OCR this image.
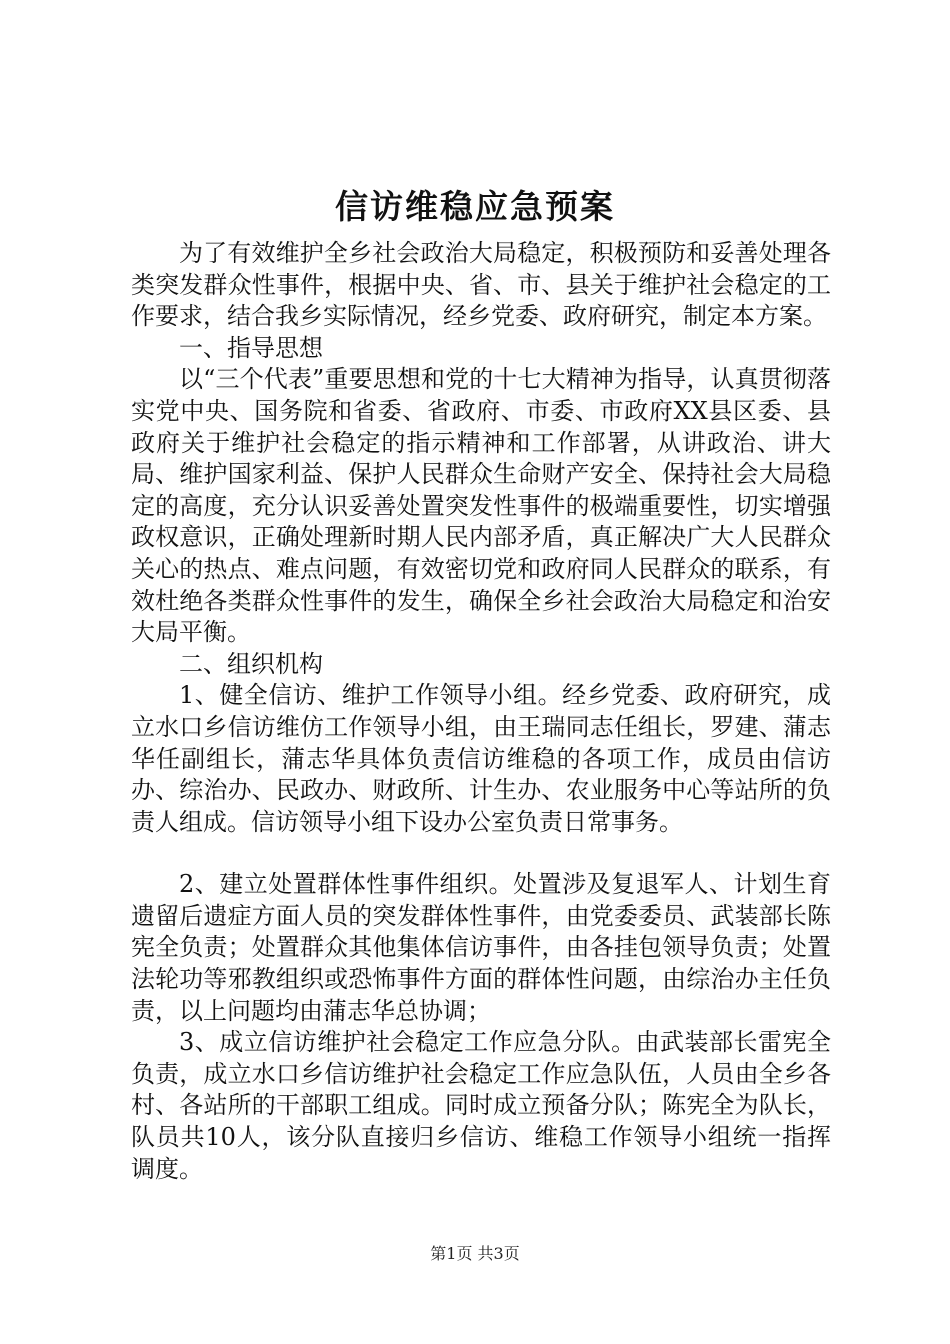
信访维稳应急预案

为了有效维护全乡社会政治大局稳定，积极预防和妥善处理各类突发群众性事件，根据中央、省、市、县关于维护社会稳定的工作要求，结合我乡实际情况，经乡党委、政府研究，制定本方案。

一、指导思想

以“三个代表”重要思想和党的十七大精神为指导，认真贯彻落实党中央、国务院和省委、省政府、市委、市政府XX县区委、县政府关于维护社会稳定的指示精神和工作部署，从讲政治、讲大局、维护国家利益、保护人民群众生命财产安全、保持社会大局稳定的高度，充分认识妥善处置突发性事件的极端重要性，切实增强政权意识，正确处理新时期人民内部矛盾，真正解决广大人民群众关心的热点、难点问题，有效密切党和政府同人民群众的联系，有效杜绝各类群众性事件的发生，确保全乡社会政治大局稳定和治安大局平衡。

二、组织机构

1、健全信访、维护工作领导小组。经乡党委、政府研究，成立水口乡信访维仿工作领导小组，由王瑞同志任组长，罗建、蒲志华任副组长，蒲志华具体负责信访维稳的各项工作，成员由信访办、综治办、民政办、财政所、计生办、农业服务中心等站所的负责人组成。信访领导小组下设办公室负责日常事务。

2、建立处置群体性事件组织。处置涉及复退军人、计划生育遗留后遗症方面人员的突发群体性事件，由党委委员、武装部长陈宪全负责；处置群众其他集体信访事件，由各挂包领导负责；处置法轮功等邪教组织或恐怖事件方面的群体性问题，由综治办主任负责，以上问题均由蒲志华总协调；

3、成立信访维护社会稳定工作应急分队。由武装部长雷宪全负责，成立水口乡信访维护社会稳定工作应急队伍，人员由全乡各村、各站所的干部职工组成。同时成立预备分队；陈宪全为队长，队员共10人，该分队直接归乡信访、维稳工作领导小组统一指挥调度。

第1页 共3页
